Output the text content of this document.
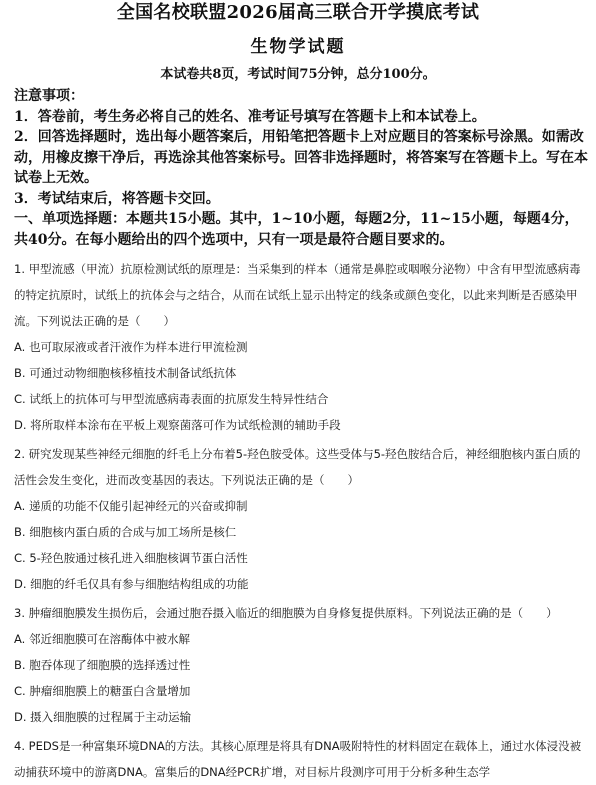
全国名校联盟2026届高三联合开学摸底考试
生物学试题
本试卷共8页，考试时间75分钟，总分100分。

注意事项：

1．答卷前，考生务必将自己的姓名、准考证号填写在答题卡上和本试卷上。

2．回答选择题时，选出每小题答案后，用铅笔把答题卡上对应题目的答案标号涂黑。如需改动，用橡皮擦干净后，再选涂其他答案标号。回答非选择题时，将答案写在答题卡上。写在本试卷上无效。

3．考试结束后，将答题卡交回。

一、单项选择题：本题共15小题。其中，1~10小题，每题2分，11~15小题，每题4分，共40分。在每小题给出的四个选项中，只有一项是最符合题目要求的。

1. 甲型流感（甲流）抗原检测试纸的原理是：当采集到的样本（通常是鼻腔或咽喉分泌物）中含有甲型流感病毒的特定抗原时，试纸上的抗体会与之结合，从而在试纸上显示出特定的线条或颜色变化，以此来判断是否感染甲流。下列说法正确的是（　　）

A. 也可取尿液或者汗液作为样本进行甲流检测

B. 可通过动物细胞核移植技术制备试纸抗体

C. 试纸上的抗体可与甲型流感病毒表面的抗原发生特异性结合

D. 将所取样本涂布在平板上观察菌落可作为试纸检测的辅助手段

2. 研究发现某些神经元细胞的纤毛上分布着5-羟色胺受体。这些受体与5-羟色胺结合后，神经细胞核内蛋白质的活性会发生变化，进而改变基因的表达。下列说法正确的是（　　）

A. 递质的功能不仅能引起神经元的兴奋或抑制

B. 细胞核内蛋白质的合成与加工场所是核仁

C. 5-羟色胺通过核孔进入细胞核调节蛋白活性

D. 细胞的纤毛仅具有参与细胞结构组成的功能

3. 肿瘤细胞膜发生损伤后，会通过胞吞摄入临近的细胞膜为自身修复提供原料。下列说法正确的是（　　）

A. 邻近细胞膜可在溶酶体中被水解

B. 胞吞体现了细胞膜的选择透过性

C. 肿瘤细胞膜上的糖蛋白含量增加

D. 摄入细胞膜的过程属于主动运输

4. PEDS是一种富集环境DNA的方法。其核心原理是将具有DNA吸附特性的材料固定在载体上，通过水体浸没被动捕获环境中的游离DNA。富集后的DNA经PCR扩增，对目标片段测序可用于分析多种生态学
